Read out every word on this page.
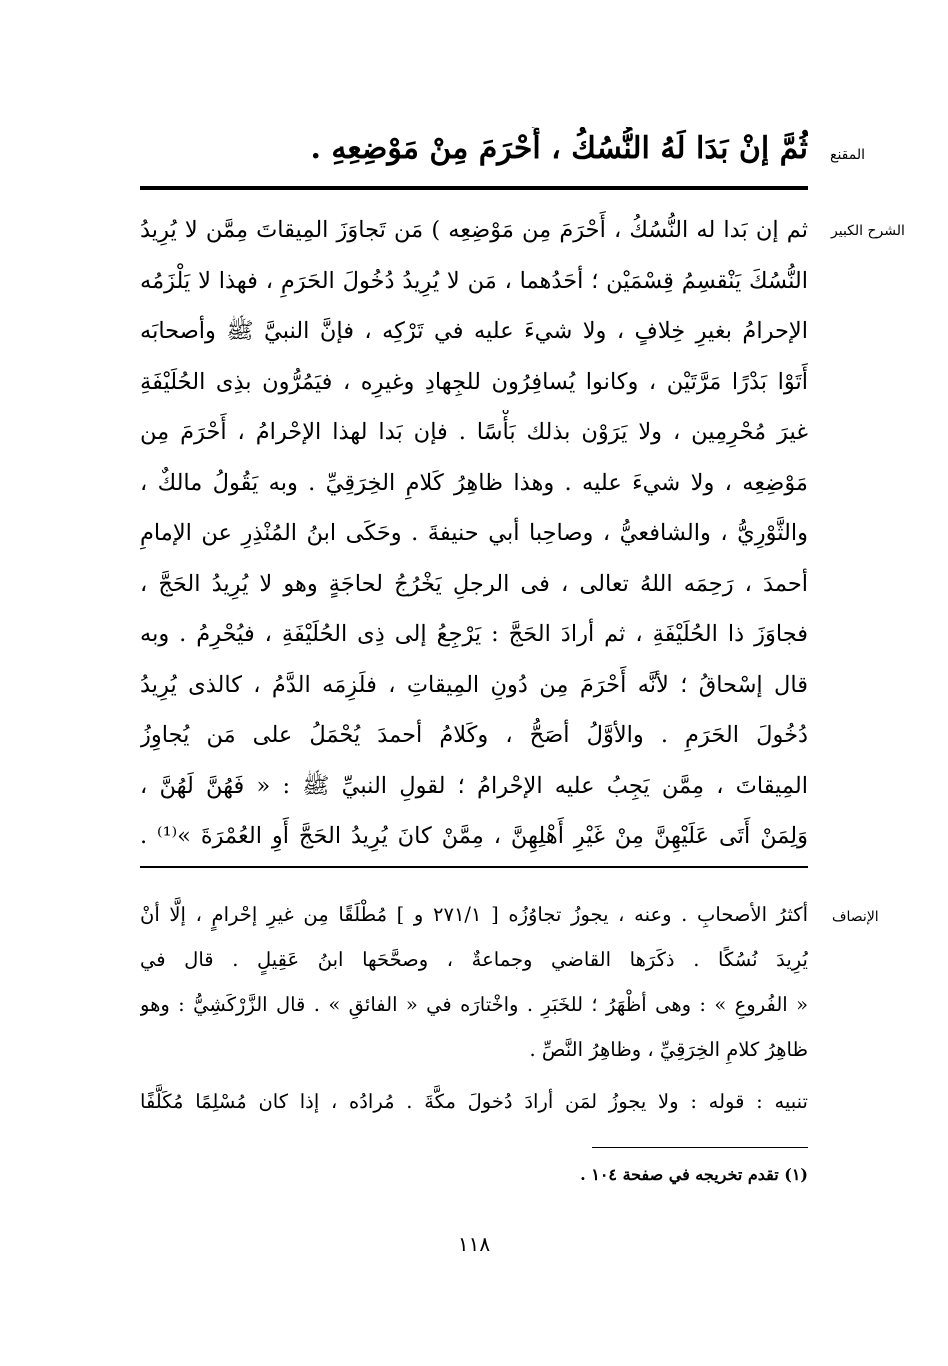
المقنع
الشرح الكبير
الإنصاف
ثُمَّ إنْ بَدَا لَهُ النُّسُكُ ، أَحْرَمَ مِنْ مَوْضِعِهِ .
ثم إن بَدا له النُّسُكُ ، أَحْرَمَ مِن مَوْضِعِه ) مَن تَجاوَزَ المِيقاتَ مِمَّن لا يُرِيدُ
النُّسُكَ يَنْقسِمُ قِسْمَيْن ؛ أحَدُهما ، مَن لا يُرِيدُ دُخُولَ الحَرَمِ ، فهذا لا يَلْزَمُه
الإحرامُ بغيرِ خِلافٍ ، ولا شيءَ عليه في تَرْكِه ، فإنَّ النبيَّ ﷺ وأصحابَه
أَتَوْا بَدْرًا مَرَّتَيْن ، وكانوا يُسافِرُون للجِهادِ وغيرِه ، فيَمُرُّون بذِى الحُلَيْفَةِ
غيرَ مُحْرِمِين ، ولا يَرَوْن بذلك بَأْسًا . فإن بَدا لهذا الإحْرامُ ، أَحْرَمَ مِن
مَوْضِعِه ، ولا شيءَ عليه . وهذا ظاهِرُ كَلامِ الخِرَقِيِّ . وبه يَقُولُ مالكٌ ،
والثَّوْرِيُّ ، والشافعيُّ ، وصاحِبا أبي حنيفةَ . وحَكَى ابنُ المُنْذِرِ عن الإمامِ
أحمدَ ، رَحِمَه اللهُ تعالى ، فى الرجلِ يَخْرُجُ لحاجَةٍ وهو لا يُرِيدُ الحَجَّ ،
فجاوَزَ ذا الحُلَيْفَةِ ، ثم أرادَ الحَجَّ : يَرْجِعُ إلى ذِى الحُلَيْفَةِ ، فيُحْرِمُ . وبه
قال إسْحاقُ ؛ لأنَّه أَحْرَمَ مِن دُونِ المِيقاتِ ، فلَزِمَه الدَّمُ ، كالذى يُرِيدُ
دُخُولَ الحَرَمِ . والأوَّلُ أصَحُّ ، وكَلامُ أحمدَ يُحْمَلُ على مَن يُجاوِزُ
المِيقاتَ ، مِمَّن يَجِبُ عليه الإحْرامُ ؛ لقولِ النبيِّ ﷺ : « فَهُنَّ لَهُنَّ ،
وَلِمَنْ أَتَى عَلَيْهِنَّ مِنْ غَيْرِ أَهْلِهِنَّ ، مِمَّنْ كانَ يُرِيدُ الحَجَّ أَوِ العُمْرَةَ »⁽¹⁾ .
أكثرُ الأصحابِ . وعنه ، يجوزُ تجاوُزُه [ ٢٧١/١ و ] مُطْلَقًا مِن غيرِ إحْرامٍ ، إلَّا أنْ
يُرِيدَ نُسُكًا . ذكَرَها القاضي وجماعةٌ ، وصحَّحَها ابنُ عَقِيلٍ . قال في
« الفُروعِ » : وهى أظْهَرُ ؛ للخَبَرِ . واخْتارَه في « الفائقِ » . قال الزَّرْكَشِيُّ : وهو
ظاهِرُ كلامِ الخِرَقِيِّ ، وظاهِرُ النَّصِّ .
تنبيه : قوله : ولا يجوزُ لمَن أرادَ دُخولَ مكَّةَ . مُرادُه ، إذا كان مُسْلِمًا مُكَلَّفًا
(١) تقدم تخريجه في صفحة ١٠٤ .
١١٨
